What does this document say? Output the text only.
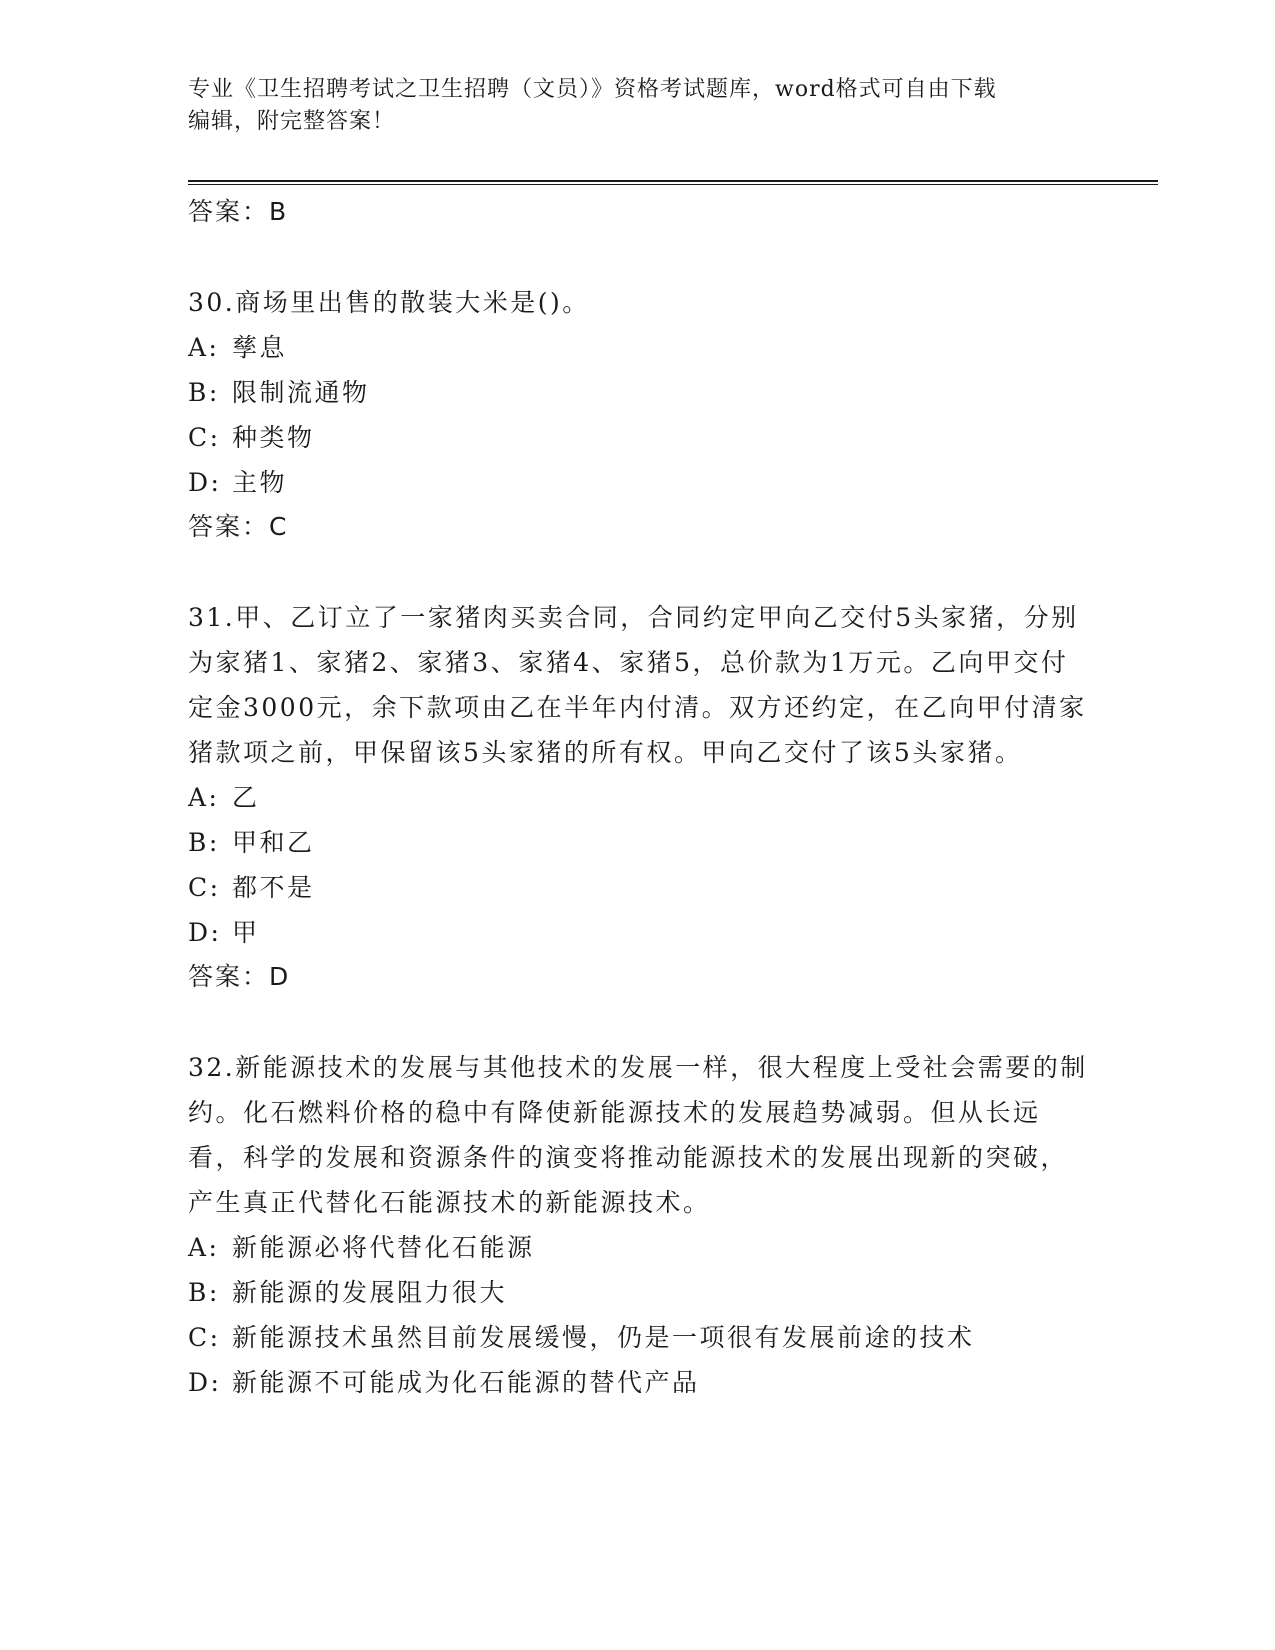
专业《卫生招聘考试之卫生招聘（文员）》资格考试题库，word格式可自由下载
编辑，附完整答案！
答案：B

30.商场里出售的散装大米是()。

A: 孳息
B: 限制流通物
C: 种类物
D: 主物
答案：C

31.甲、乙订立了一家猪肉买卖合同，合同约定甲向乙交付5头家猪，分别为家猪1、家猪2、家猪3、家猪4、家猪5，总价款为1万元。乙向甲交付定金3000元，余下款项由乙在半年内付清。双方还约定，在乙向甲付清家猪款项之前，甲保留该5头家猪的所有权。甲向乙交付了该5头家猪。

A: 乙
B: 甲和乙
C: 都不是
D: 甲
答案：D

32.新能源技术的发展与其他技术的发展一样，很大程度上受社会需要的制约。化石燃料价格的稳中有降使新能源技术的发展趋势减弱。但从长远看，科学的发展和资源条件的演变将推动能源技术的发展出现新的突破，产生真正代替化石能源技术的新能源技术。

A: 新能源必将代替化石能源
B: 新能源的发展阻力很大
C: 新能源技术虽然目前发展缓慢，仍是一项很有发展前途的技术
D: 新能源不可能成为化石能源的替代产品
